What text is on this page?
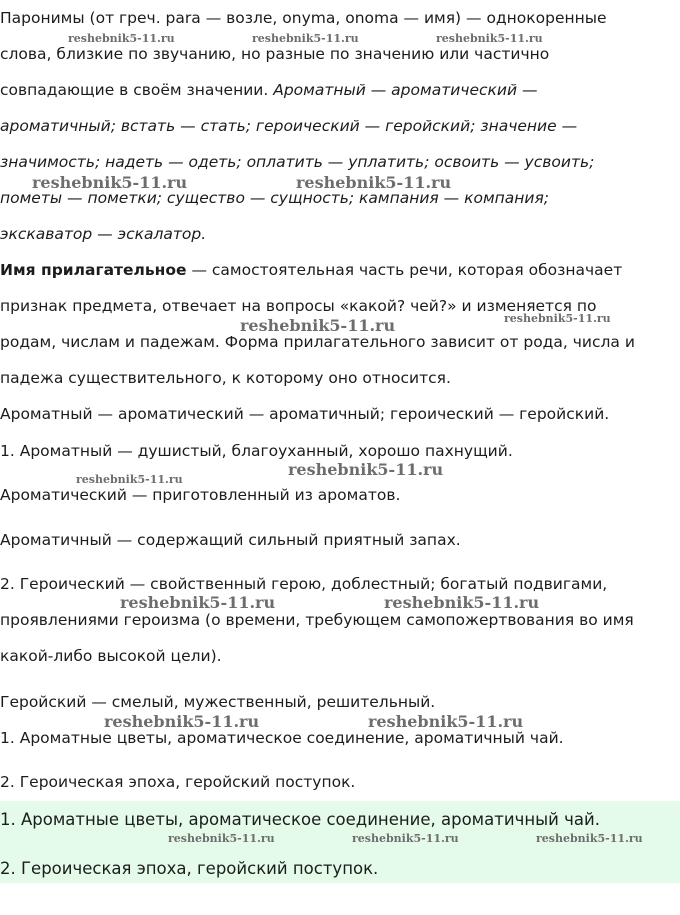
Паронимы (от греч. para — возле, onyma, onoma — имя) — однокоренные
слова, близкие по звучанию, но разные по значению или частично
совпадающие в своём значении. Ароматный — ароматический —
ароматичный; встать — стать; героический — геройский; значение —
значимость; надеть — одеть; оплатить — уплатить; освоить — усвоить;
пометы — пометки; существо — сущность; кампания — компания;
экскаватор — эскалатор.
Имя прилагательное — самостоятельная часть речи, которая обозначает
признак предмета, отвечает на вопросы «какой? чей?» и изменяется по
родам, числам и падежам. Форма прилагательного зависит от рода, числа и
падежа существительного, к которому оно относится.
Ароматный — ароматический — ароматичный; героический — геройский.
1. Ароматный — душистый, благоуханный, хорошо пахнущий.
Ароматический — приготовленный из ароматов.
Ароматичный — содержащий сильный приятный запах.
2. Героический — свойственный герою, доблестный; богатый подвигами,
проявлениями героизма (о времени, требующем самопожертвования во имя
какой-либо высокой цели).
Геройский — смелый, мужественный, решительный.
1. Ароматные цветы, ароматическое соединение, ароматичный чай.
2. Героическая эпоха, геройский поступок.
1. Ароматные цветы, ароматическое соединение, ароматичный чай.
2. Героическая эпоха, геройский поступок.
reshebnik5-11.ru	reshebnik5-11.ru	reshebnik5-11.ru
reshebnik5-11.ru	reshebnik5-11.ru
reshebnik5-11.ru
reshebnik5-11.ru
reshebnik5-11.ru
reshebnik5-11.ru
reshebnik5-11.ru	reshebnik5-11.ru
reshebnik5-11.ru	reshebnik5-11.ru
reshebnik5-11.ru	reshebnik5-11.ru	reshebnik5-11.ru
